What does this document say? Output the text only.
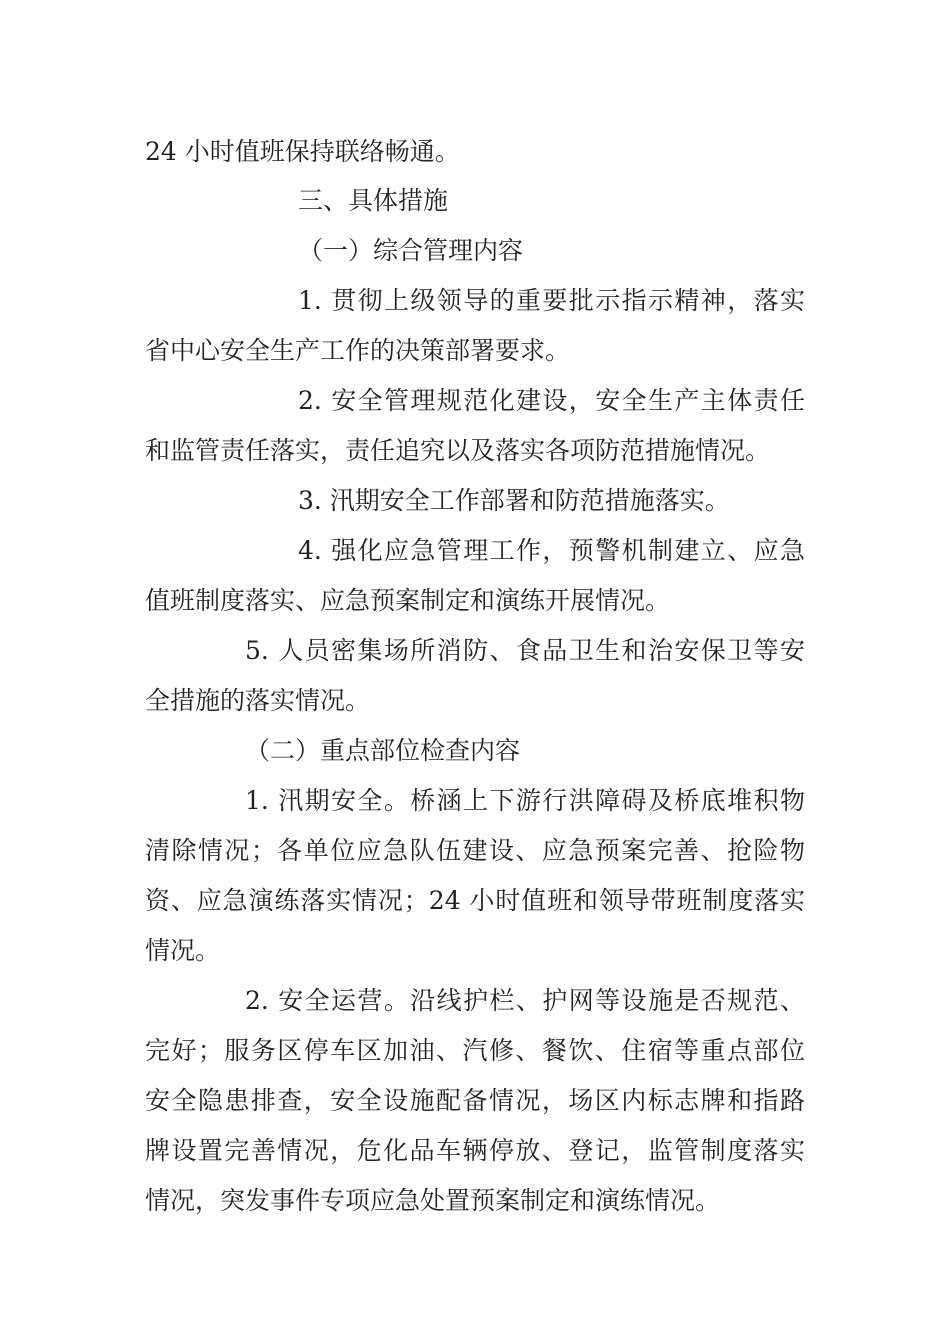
24 小时值班保持联络畅通。
三、具体措施
（一）综合管理内容
1. 贯彻上级领导的重要批示指示精神，落实
省中心安全生产工作的决策部署要求。
2. 安全管理规范化建设，安全生产主体责任
和监管责任落实，责任追究以及落实各项防范措施情况。
3. 汛期安全工作部署和防范措施落实。
4. 强化应急管理工作，预警机制建立、应急
值班制度落实、应急预案制定和演练开展情况。
5. 人员密集场所消防、食品卫生和治安保卫等安
全措施的落实情况。
（二）重点部位检查内容
1. 汛期安全。桥涵上下游行洪障碍及桥底堆积物
清除情况；各单位应急队伍建设、应急预案完善、抢险物
资、应急演练落实情况；24 小时值班和领导带班制度落实
情况。
2. 安全运营。沿线护栏、护网等设施是否规范、
完好；服务区停车区加油、汽修、餐饮、住宿等重点部位
安全隐患排查，安全设施配备情况，场区内标志牌和指路
牌设置完善情况，危化品车辆停放、登记，监管制度落实
情况，突发事件专项应急处置预案制定和演练情况。
